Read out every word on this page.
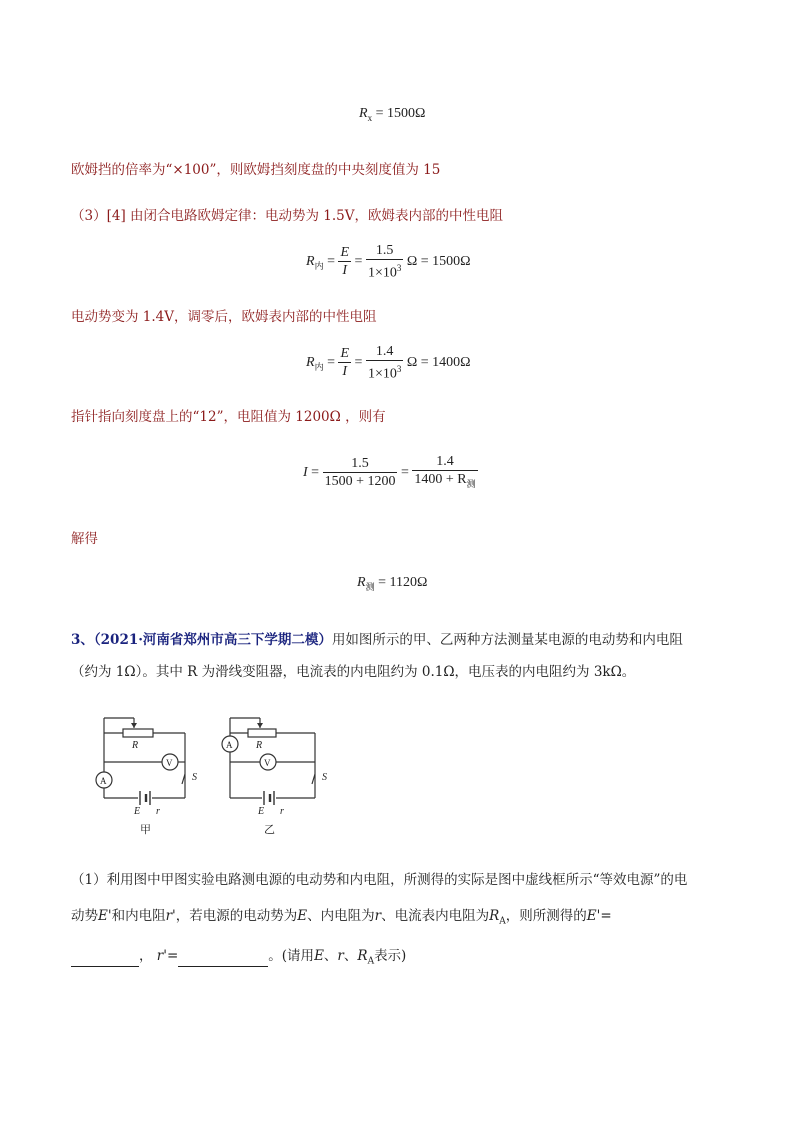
$R_x = 1500\Omega$
欧姆挡的倍率为“×100”，则欧姆挡刻度盘的中央刻度值为 15
（3）[4] 由闭合电路欧姆定律：电动势为 1.5V，欧姆表内部的中性电阻
$R_内 = \frac{E}{I} = \frac{1.5}{1\times 10^3}$ Ω = 1500Ω
电动势变为 1.4V，调零后，欧姆表内部的中性电阻
$R_内 = \frac{E}{I} = \frac{1.4}{1\times 10^3}$ Ω = 1400Ω
指针指向刻度盘上的“12”，电阻值为 1200Ω ，则有
$I = \frac{1.5}{1500 + 1200} = \frac{1.4}{1400 + R_测}$
解得
$R_测 = 1120\Omega$
3、（2021·河南省郑州市高三下学期二模）用如图所示的甲、乙两种方法测量某电源的电动势和内电阻
（约为 1Ω）。其中 R 为滑线变阻器，电流表的内电阻约为 0.1Ω，电压表的内电阻约为 3kΩ。
R
V
A	S
E r
R
V
A
S
E r
甲	乙
（1）利用图中甲图实验电路测电源的电动势和内电阻，所测得的实际是图中虚线框所示“等效电源”的电
动势E'和内电阻r'，若电源的电动势为E、内电阻为r、电流表内电阻为$R_A$，则所测得的E'=
， r'=	。(请用E、r、$R_A$表示)
